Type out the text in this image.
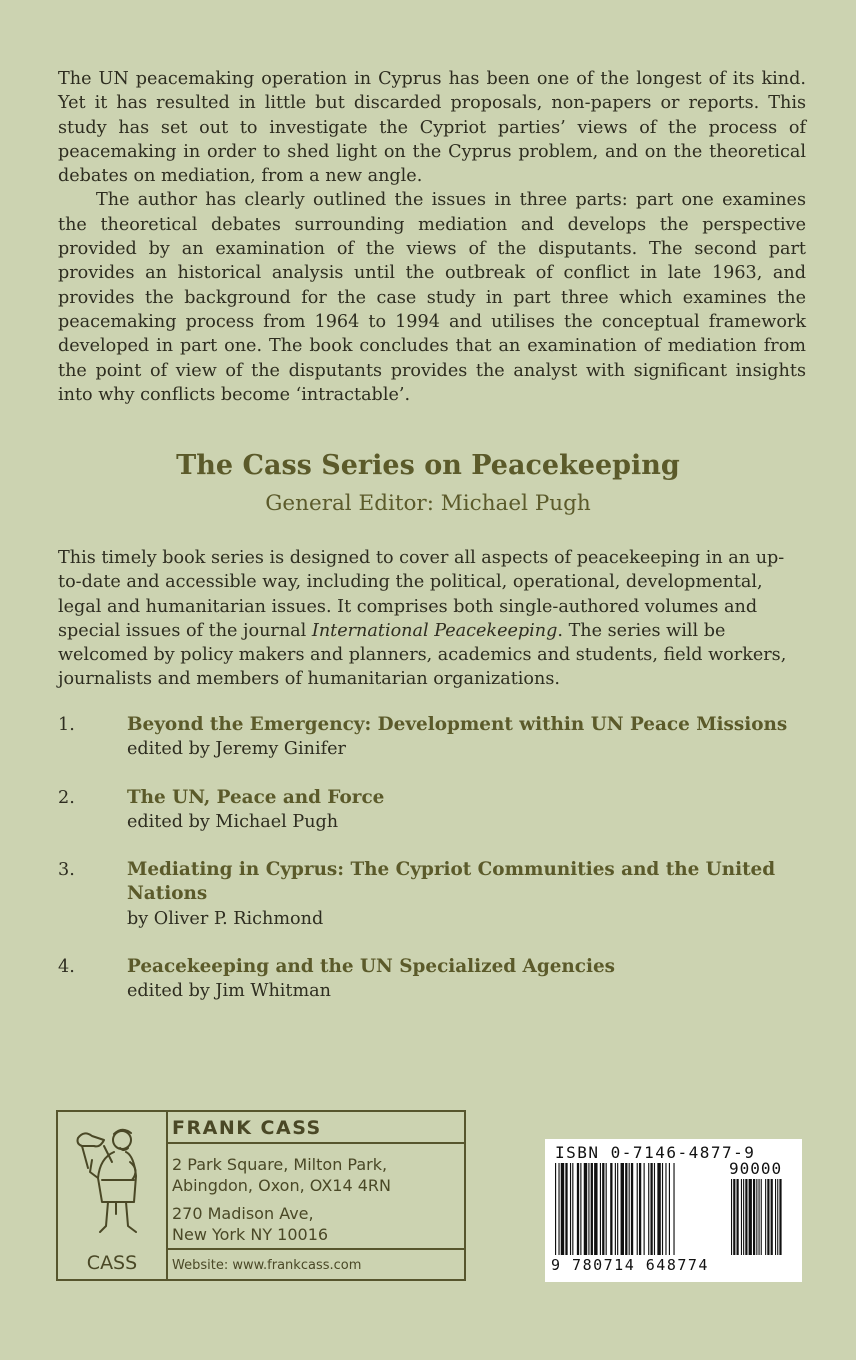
The UN peacemaking operation in Cyprus has been one of the longest of its kind. Yet it has resulted in little but discarded proposals, non-papers or reports. This study has set out to investigate the Cypriot parties’ views of the process of peacemaking in order to shed light on the Cyprus problem, and on the theoretical debates on mediation, from a new angle.

The author has clearly outlined the issues in three parts: part one examines the theoretical debates surrounding mediation and develops the perspective provided by an examination of the views of the disputants. The second part provides an historical analysis until the outbreak of conflict in late 1963, and provides the background for the case study in part three which examines the peacemaking process from 1964 to 1994 and utilises the conceptual framework developed in part one. The book concludes that an examination of mediation from the point of view of the disputants provides the analyst with significant insights into why conflicts become ‘intractable’.

The Cass Series on Peacekeeping
General Editor: Michael Pugh

This timely book series is designed to cover all aspects of peacekeeping in an up-to-date and accessible way, including the political, operational, developmental, legal and humanitarian issues. It comprises both single-authored volumes and special issues of the journal International Peacekeeping. The series will be welcomed by policy makers and planners, academics and students, field workers, journalists and members of humanitarian organizations.

1.	Beyond the Emergency: Development within UN Peace Missions
edited by Jeremy Ginifer
2.	The UN, Peace and Force
edited by Michael Pugh
3.	Mediating in Cyprus: The Cypriot Communities and the United Nations
by Oliver P. Richmond
4.	Peacekeeping and the UN Specialized Agencies
edited by Jim Whitman
CASS
FRANK CASS
2 Park Square, Milton Park,
Abingdon, Oxon, OX14 4RN
270 Madison Ave,
New York NY 10016
Website: www.frankcass.com
ISBN 0-7146-4877-9
90000
9 780714 648774
